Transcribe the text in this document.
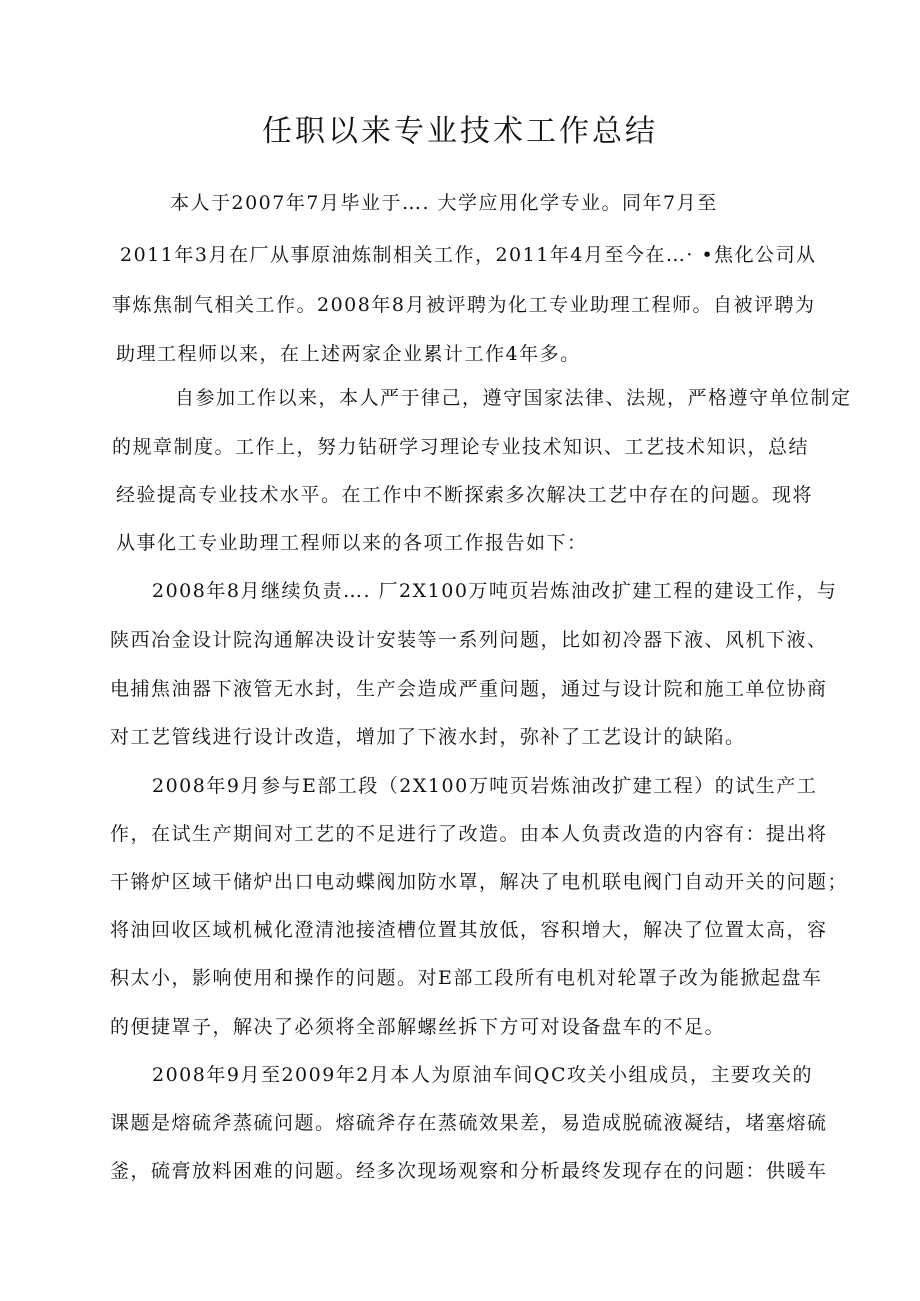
任职以来专业技术工作总结
本人于2007年7月毕业于…. 大学应用化学专业。同年7月至
2011年3月在厂从事原油炼制相关工作，2011年4月至今在…· •焦化公司从
事炼焦制气相关工作。2008年8月被评聘为化工专业助理工程师。自被评聘为
助理工程师以来，在上述两家企业累计工作4年多。
自参加工作以来，本人严于律己，遵守国家法律、法规，严格遵守单位制定
的规章制度。工作上，努力钻研学习理论专业技术知识、工艺技术知识，总结
经验提高专业技术水平。在工作中不断探索多次解决工艺中存在的问题。现将
从事化工专业助理工程师以来的各项工作报告如下：
2008年8月继续负责…. 厂2X100万吨页岩炼油改扩建工程的建设工作，与
陕西冶金设计院沟通解决设计安装等一系列问题，比如初冷器下液、风机下液、
电捕焦油器下液管无水封，生产会造成严重问题，通过与设计院和施工单位协商
对工艺管线进行设计改造，增加了下液水封，弥补了工艺设计的缺陷。
2008年9月参与E部工段（2X100万吨页岩炼油改扩建工程）的试生产工
作，在试生产期间对工艺的不足进行了改造。由本人负责改造的内容有：提出将
干锵炉区域干储炉出口电动蝶阀加防水罩，解决了电机联电阀门自动开关的问题；
将油回收区域机械化澄清池接渣槽位置其放低，容积增大，解决了位置太高，容
积太小，影响使用和操作的问题。对E部工段所有电机对轮罩子改为能掀起盘车
的便捷罩子，解决了必须将全部解螺丝拆下方可对设备盘车的不足。
2008年9月至2009年2月本人为原油车间QC攻关小组成员，主要攻关的
课题是熔硫斧蒸硫问题。熔硫斧存在蒸硫效果差，易造成脱硫液凝结，堵塞熔硫
釜，硫膏放料困难的问题。经多次现场观察和分析最终发现存在的问题：供暖车
